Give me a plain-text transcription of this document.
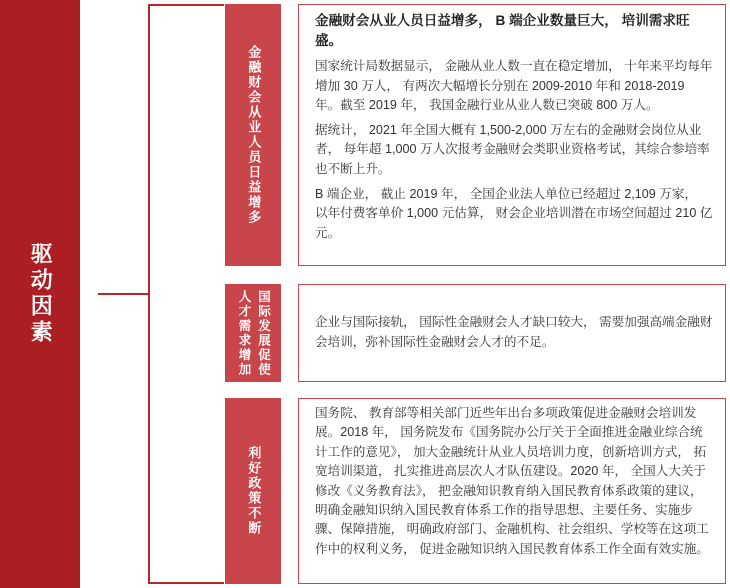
驱动因素
金融财会从业人员日益增多

金融财会从业人员日益增多， B 端企业数量巨大， 培训需求旺盛。

国家统计局数据显示， 金融从业人数一直在稳定增加， 十年来平均每年增加 30 万人， 有两次大幅增长分别在 2009-2010 年和 2018-2019 年。截至 2019 年， 我国金融行业从业人数已突破 800 万人。

据统计， 2021 年全国大概有 1,500-2,000 万左右的金融财会岗位从业者， 每年超 1,000 万人次报考金融财会类职业资格考试，其综合参培率也不断上升。

B 端企业， 截止 2019 年， 全国企业法人单位已经超过 2,109 万家， 以年付费客单价 1,000 元估算， 财会企业培训潜在市场空间超过 210 亿元。

人才需求增加 国际发展促使	企业与国际接轨， 国际性金融财会人才缺口较大， 需要加强高端金融财会培训，弥补国际性金融财会人才的不足。

利好政策不断

国务院、 教育部等相关部门近些年出台多项政策促进金融财会培训发展。2018 年， 国务院发布《国务院办公厅关于全面推进金融业综合统计工作的意见》， 加大金融统计从业人员培训力度，创新培训方式， 拓宽培训渠道， 扎实推进高层次人才队伍建设。2020 年， 全国人大关于修改《义务教育法》， 把金融知识教育纳入国民教育体系政策的建议， 明确金融知识纳入国民教育体系工作的指导思想、主要任务、实施步骤、保障措施， 明确政府部门、金融机构、社会组织、学校等在这项工作中的权利义务， 促进金融知识纳入国民教育体系工作全面有效实施。
